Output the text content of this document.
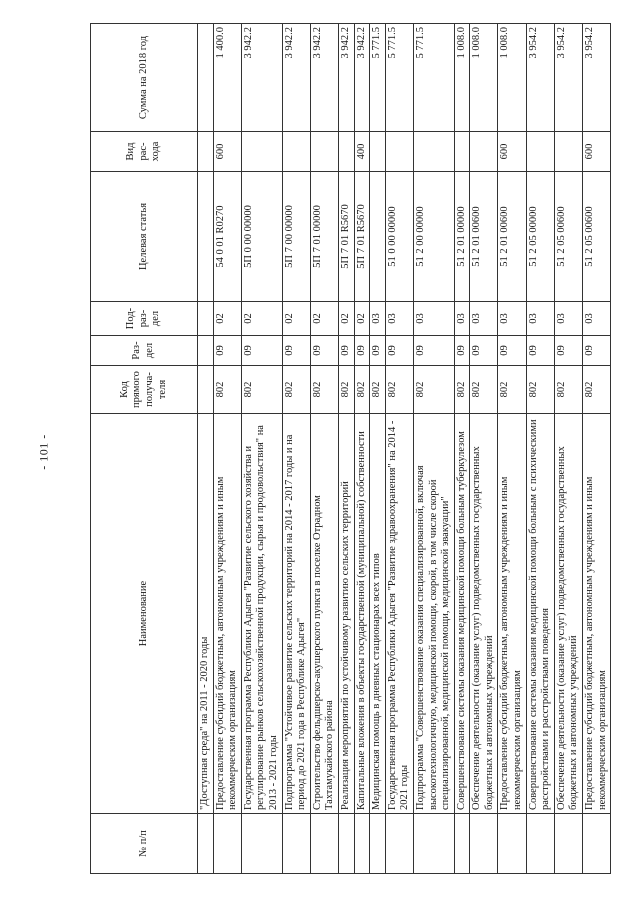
- 101 -
№ п/п	Наименование	Код прямого получа- теля	Раз- дел	Под- раз- дел	Целевая статья	Вид рас- хода	Сумма на 2018 год
	"Доступная среда" на 2011 - 2020 годы						
	Предоставление субсидий бюджетным, автономным учреждениям и иным некоммерческим организациям	802	09	02	54 0 01 R0270	600	1 400.0
	Государственная программа Республики Адыгея "Развитие сельского хозяйства и регулирование рынков сельскохозяйственной продукции, сырья и продовольствия" на 2013 - 2021 годы	802	09	02	5П 0 00 00000		3 942.2
	Подпрограмма "Устойчивое развитие сельских территорий на 2014 - 2017 годы и на период до 2021 года в Республике Адыгея"	802	09	02	5П 7 00 00000		3 942.2
	Строительство фельдшерско-акушерского пункта в поселке Отрадном Тахтамукайского района	802	09	02	5П 7 01 00000		3 942.2
	Реализация мероприятий по устойчивому развитию сельских территорий	802	09	02	5П 7 01 R5670		3 942.2
	Капитальные вложения в объекты государственной (муниципальной) собственности	802	09	02	5П 7 01 R5670	400	3 942.2
	Медицинская помощь в дневных стационарах всех типов	802	09	03			5 771.5
	Государственная программа Республики Адыгея "Развитие здравоохранения" на 2014 - 2021 годы	802	09	03	51 0 00 00000		5 771.5
	Подпрограмма "Совершенствование оказания специализированной, включая высокотехнологичную, медицинской помощи, скорой, в том числе скорой специализированной, медицинской помощи, медицинской эвакуации"	802	09	03	51 2 00 00000		5 771.5
	Совершенствование системы оказания медицинской помощи больным туберкулезом	802	09	03	51 2 01 00000		1 008.0
	Обеспечение деятельности (оказание услуг) подведомственных государственных бюджетных и автономных учреждений	802	09	03	51 2 01 00600		1 008.0
	Предоставление субсидий бюджетным, автономным учреждениям и иным некоммерческим организациям	802	09	03	51 2 01 00600	600	1 008.0
	Совершенствование системы оказания медицинской помощи больным с психическими расстройствами и расстройствами поведения	802	09	03	51 2 05 00000		3 954.2
	Обеспечение деятельности (оказание услуг) подведомственных государственных бюджетных и автономных учреждений	802	09	03	51 2 05 00600		3 954.2
	Предоставление субсидий бюджетным, автономным учреждениям и иным некоммерческим организациям	802	09	03	51 2 05 00600	600	3 954.2
